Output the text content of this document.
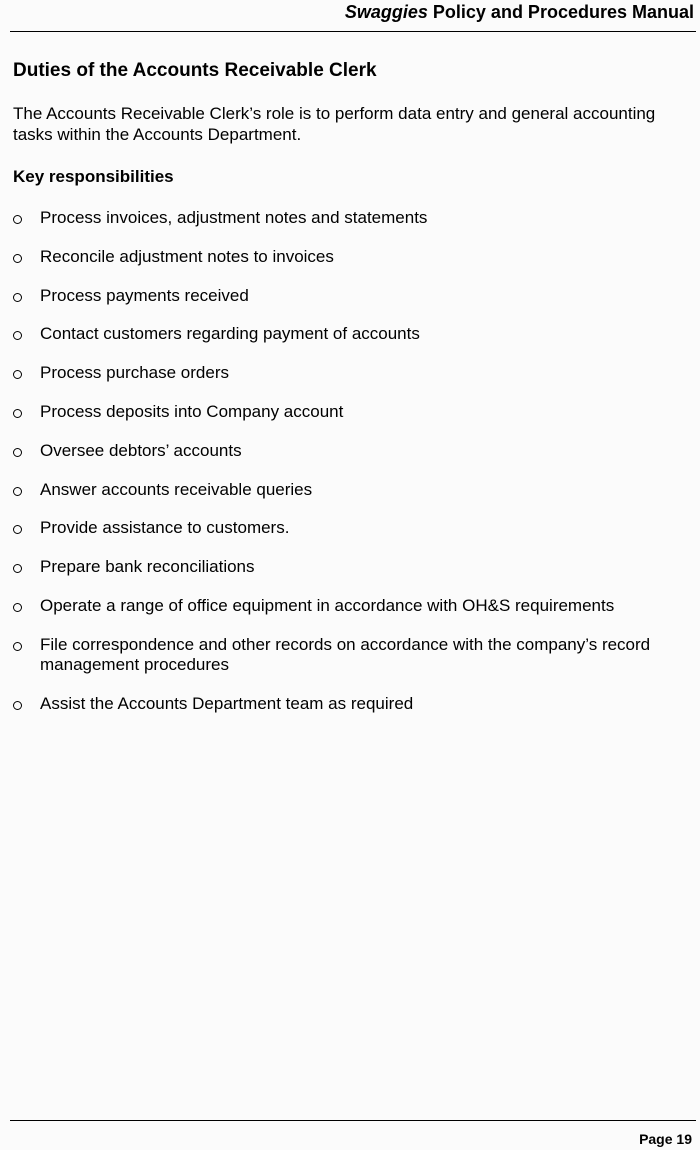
Swaggies Policy and Procedures Manual
Duties of the Accounts Receivable Clerk

The Accounts Receivable Clerk’s role is to perform data entry and general accounting tasks within the Accounts Department.

Key responsibilities
Process invoices, adjustment notes and statements
Reconcile adjustment notes to invoices
Process payments received
Contact customers regarding payment of accounts
Process purchase orders
Process deposits into Company account
Oversee debtors’ accounts
Answer accounts receivable queries
Provide assistance to customers.
Prepare bank reconciliations
Operate a range of office equipment in accordance with OH&S requirements
File correspondence and other records on accordance with the company’s record management procedures
Assist the Accounts Department team as required
Page 19
